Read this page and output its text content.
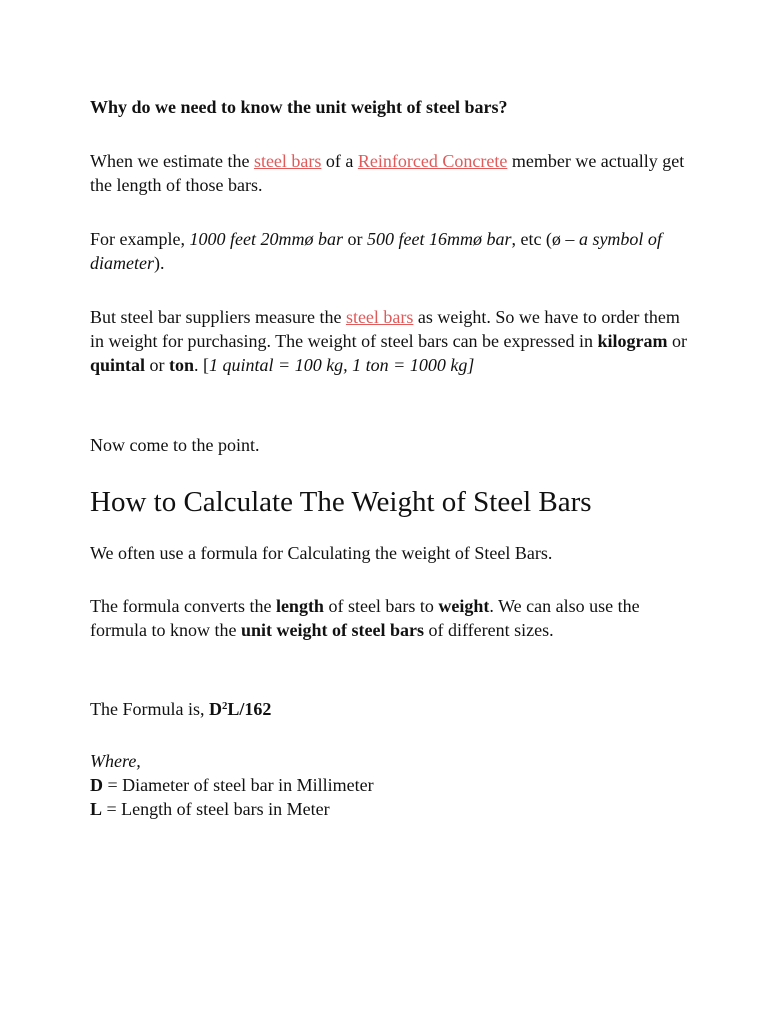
Why do we need to know the unit weight of steel bars?

When we estimate the steel bars of a Reinforced Concrete member we actually get the length of those bars.

For example, 1000 feet 20mmø bar or 500 feet 16mmø bar, etc (ø – a symbol of diameter).

But steel bar suppliers measure the steel bars as weight. So we have to order them in weight for purchasing. The weight of steel bars can be expressed in kilogram or quintal or ton. [1 quintal = 100 kg, 1 ton = 1000 kg]

Now come to the point.

How to Calculate The Weight of Steel Bars

We often use a formula for Calculating the weight of Steel Bars.

The formula converts the length of steel bars to weight. We can also use the formula to know the unit weight of steel bars of different sizes.

The Formula is, $D^2L/162$

Where,
D = Diameter of steel bar in Millimeter
L = Length of steel bars in Meter
